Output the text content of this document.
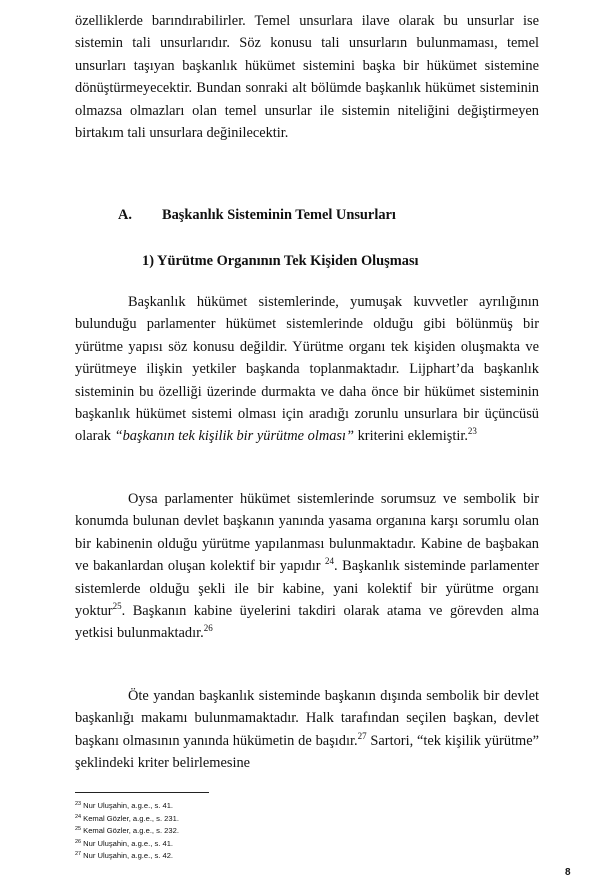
özelliklerde barındırabilirler. Temel unsurlara ilave olarak bu unsurlar ise sistemin tali unsurlarıdır. Söz konusu tali unsurların bulunmaması, temel unsurları taşıyan başkanlık hükümet sistemini başka bir hükümet sistemine dönüştürmeyecektir. Bundan sonraki alt bölümde başkanlık hükümet sisteminin olmazsa olmazları olan temel unsurlar ile sistemin niteliğini değiştirmeyen birtakım tali unsurlara değinilecektir.

A. Başkanlık Sisteminin Temel Unsurları
1) Yürütme Organının Tek Kişiden Oluşması

Başkanlık hükümet sistemlerinde, yumuşak kuvvetler ayrılığının bulunduğu parlamenter hükümet sistemlerinde olduğu gibi bölünmüş bir yürütme yapısı söz konusu değildir. Yürütme organı tek kişiden oluşmakta ve yürütmeye ilişkin yetkiler başkanda toplanmaktadır. Lijphart’da başkanlık sisteminin bu özelliği üzerinde durmakta ve daha önce bir hükümet sisteminin başkanlık hükümet sistemi olması için aradığı zorunlu unsurlara bir üçüncüsü olarak “başkanın tek kişilik bir yürütme olması” kriterini eklemiştir.$^{23}$

Oysa parlamenter hükümet sistemlerinde sorumsuz ve sembolik bir konumda bulunan devlet başkanın yanında yasama organına karşı sorumlu olan bir kabinenin olduğu yürütme yapılanması bulunmaktadır. Kabine de başbakan ve bakanlardan oluşan kolektif bir yapıdır $^{24}$. Başkanlık sisteminde parlamenter sistemlerde olduğu şekli ile bir kabine, yani kolektif bir yürütme organı yoktur$^{25}$. Başkanın kabine üyelerini takdiri olarak atama ve görevden alma yetkisi bulunmaktadır.$^{26}$

Öte yandan başkanlık sisteminde başkanın dışında sembolik bir devlet başkanlığı makamı bulunmamaktadır. Halk tarafından seçilen başkan, devlet başkanı olmasının yanında hükümetin de başıdır.$^{27}$ Sartori, “tek kişilik yürütme” şeklindeki kriter belirlemesine

$^{23}$ Nur Uluşahin, a.g.e., s. 41.
$^{24}$ Kemal Gözler, a.g.e., s. 231.
$^{25}$ Kemal Gözler, a.g.e., s. 232.
$^{26}$ Nur Uluşahin, a.g.e., s. 41.
$^{27}$ Nur Uluşahin, a.g.e., s. 42.
8
